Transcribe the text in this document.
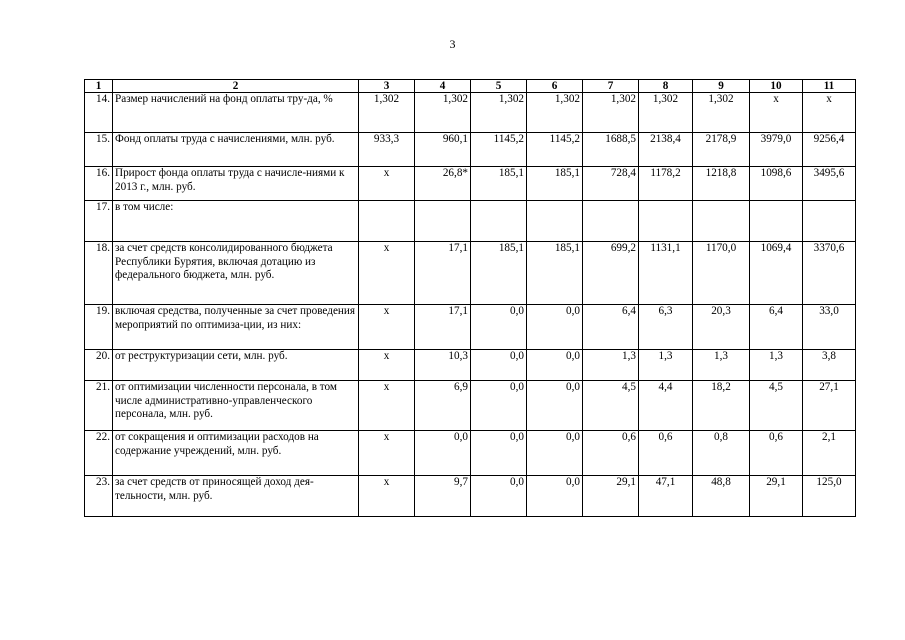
3
1	2	3	4	5	6	7	8	9	10	11
14.	Размер начислений на фонд оплаты тру-да, %	1,302	1,302	1,302	1,302	1,302	1,302	1,302	x	x
15.	Фонд оплаты труда с начислениями, млн. руб.	933,3	960,1	1145,2	1145,2	1688,5	2138,4	2178,9	3979,0	9256,4
16.	Прирост фонда оплаты труда с начисле-ниями к 2013 г., млн. руб.	x	26,8*	185,1	185,1	728,4	1178,2	1218,8	1098,6	3495,6
17.	в том числе:									
18.	за счет средств консолидированного бюджета Республики Бурятия, включая дотацию из федерального бюджета, млн. руб.	x	17,1	185,1	185,1	699,2	1131,1	1170,0	1069,4	3370,6
19.	включая средства, полученные за счет проведения мероприятий по оптимиза-ции, из них:	x	17,1	0,0	0,0	6,4	6,3	20,3	6,4	33,0
20.	от реструктуризации сети, млн. руб.	x	10,3	0,0	0,0	1,3	1,3	1,3	1,3	3,8
21.	от оптимизации численности персонала, в том числе административно-управленческого персонала, млн. руб.	x	6,9	0,0	0,0	4,5	4,4	18,2	4,5	27,1
22.	от сокращения и оптимизации расходов на содержание учреждений, млн. руб.	x	0,0	0,0	0,0	0,6	0,6	0,8	0,6	2,1
23.	за счет средств от приносящей доход дея-тельности, млн. руб.	x	9,7	0,0	0,0	29,1	47,1	48,8	29,1	125,0
